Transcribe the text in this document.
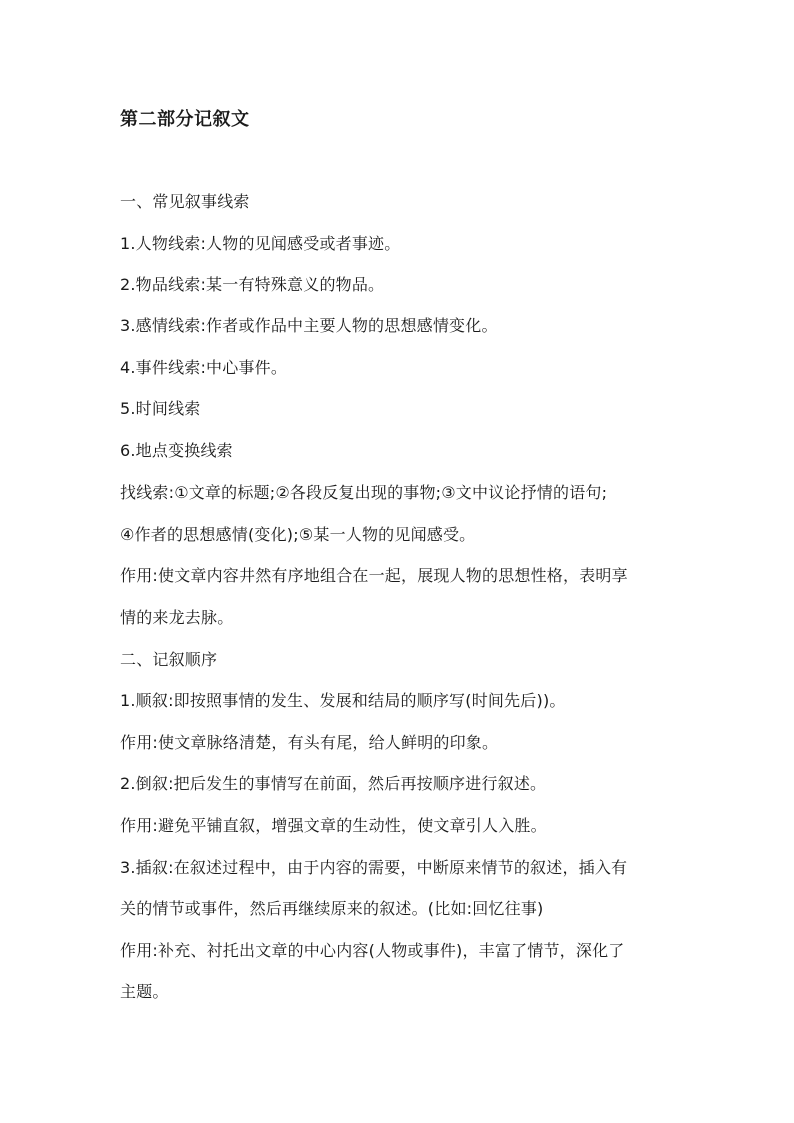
第二部分记叙文
一、常见叙事线索
1.人物线索:人物的见闻感受或者事迹。
2.物品线索:某一有特殊意义的物品。
3.感情线索:作者或作品中主要人物的思想感情变化。
4.事件线索:中心事件。
5.时间线索
6.地点变换线索
找线索:①文章的标题;②各段反复出现的事物;③文中议论抒情的语句;
④作者的思想感情(变化);⑤某一人物的见闻感受。
作用:使文章内容井然有序地组合在一起，展现人物的思想性格，表明享
情的来龙去脉。
二、记叙顺序
1.顺叙:即按照事情的发生、发展和结局的顺序写(时间先后))。
作用:使文章脉络清楚，有头有尾，给人鲜明的印象。
2.倒叙:把后发生的事情写在前面，然后再按顺序进行叙述。
作用:避免平铺直叙，增强文章的生动性，使文章引人入胜。
3.插叙:在叙述过程中，由于内容的需要，中断原来情节的叙述，插入有
关的情节或事件，然后再继续原来的叙述。(比如:回忆往事)
作用:补充、衬托出文章的中心内容(人物或事件)，丰富了情节，深化了
主题。
